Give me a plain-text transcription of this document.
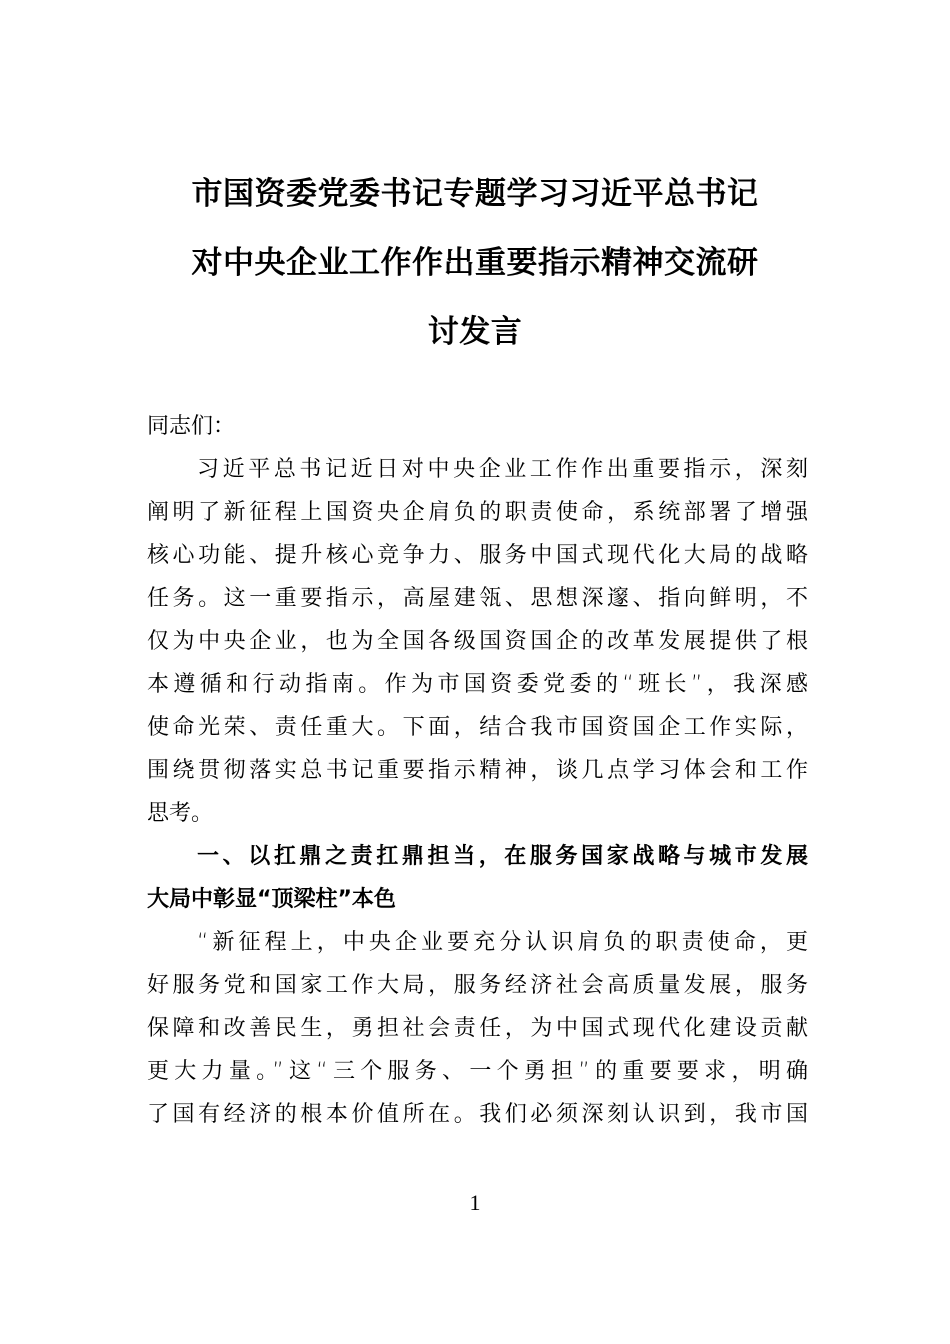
市国资委党委书记专题学习习近平总书记
对中央企业工作作出重要指示精神交流研
讨发言
同志们：
习近平总书记近日对中央企业工作作出重要指示，深刻
阐明了新征程上国资央企肩负的职责使命，系统部署了增强
核心功能、提升核心竞争力、服务中国式现代化大局的战略
任务。这一重要指示，高屋建瓴、思想深邃、指向鲜明，不
仅为中央企业，也为全国各级国资国企的改革发展提供了根
本遵循和行动指南。作为市国资委党委的“班长”，我深感
使命光荣、责任重大。下面，结合我市国资国企工作实际，
围绕贯彻落实总书记重要指示精神，谈几点学习体会和工作
思考。
一、以扛鼎之责扛鼎担当，在服务国家战略与城市发展
大局中彰显“顶梁柱”本色
“新征程上，中央企业要充分认识肩负的职责使命，更
好服务党和国家工作大局，服务经济社会高质量发展，服务
保障和改善民生，勇担社会责任，为中国式现代化建设贡献
更大力量。”这“三个服务、一个勇担”的重要要求，明确
了国有经济的根本价值所在。我们必须深刻认识到，我市国
1
